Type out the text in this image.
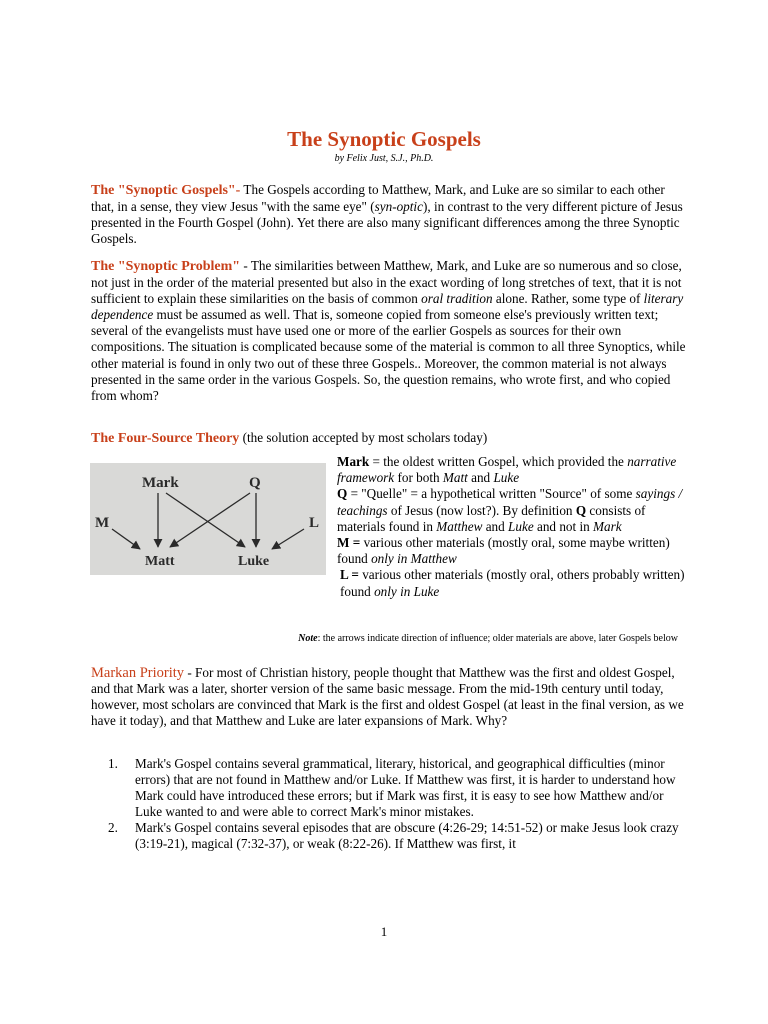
The Synoptic Gospels
by Felix Just, S.J., Ph.D.
The "Synoptic Gospels"- The Gospels according to Matthew, Mark, and Luke are so similar to each other that, in a sense, they view Jesus "with the same eye" (syn-optic), in contrast to the very different picture of Jesus presented in the Fourth Gospel (John). Yet there are also many significant differences among the three Synoptic Gospels.
The "Synoptic Problem" - The similarities between Matthew, Mark, and Luke are so numerous and so close, not just in the order of the material presented but also in the exact wording of long stretches of text, that it is not sufficient to explain these similarities on the basis of common oral tradition alone. Rather, some type of literary dependence must be assumed as well. That is, someone copied from someone else's previously written text; several of the evangelists must have used one or more of the earlier Gospels as sources for their own compositions. The situation is complicated because some of the material is common to all three Synoptics, while other material is found in only two out of these three Gospels.. Moreover, the common material is not always presented in the same order in the various Gospels. So, the question remains, who wrote first, and who copied from whom?
The Four-Source Theory (the solution accepted by most scholars today)
Mark	Q
M	L
Matt	Luke
Mark = the oldest written Gospel, which provided the narrative framework for both Matt and Luke
Q = "Quelle" = a hypothetical written "Source" of some sayings / teachings of Jesus (now lost?). By definition Q consists of materials found in Matthew and Luke and not in Mark
M = various other materials (mostly oral, some maybe written) found only in Matthew
L = various other materials (mostly oral, others probably written) found only in Luke
Note: the arrows indicate direction of influence; older materials are above, later Gospels below
Markan Priority - For most of Christian history, people thought that Matthew was the first and oldest Gospel, and that Mark was a later, shorter version of the same basic message. From the mid-19th century until today, however, most scholars are convinced that Mark is the first and oldest Gospel (at least in the final version, as we have it today), and that Matthew and Luke are later expansions of Mark. Why?
1.	Mark's Gospel contains several grammatical, literary, historical, and geographical difficulties (minor errors) that are not found in Matthew and/or Luke. If Matthew was first, it is harder to understand how Mark could have introduced these errors; but if Mark was first, it is easy to see how Matthew and/or Luke wanted to and were able to correct Mark's minor mistakes.
2.	Mark's Gospel contains several episodes that are obscure (4:26-29; 14:51-52) or make Jesus look crazy (3:19-21), magical (7:32-37), or weak (8:22-26). If Matthew was first, it
1
